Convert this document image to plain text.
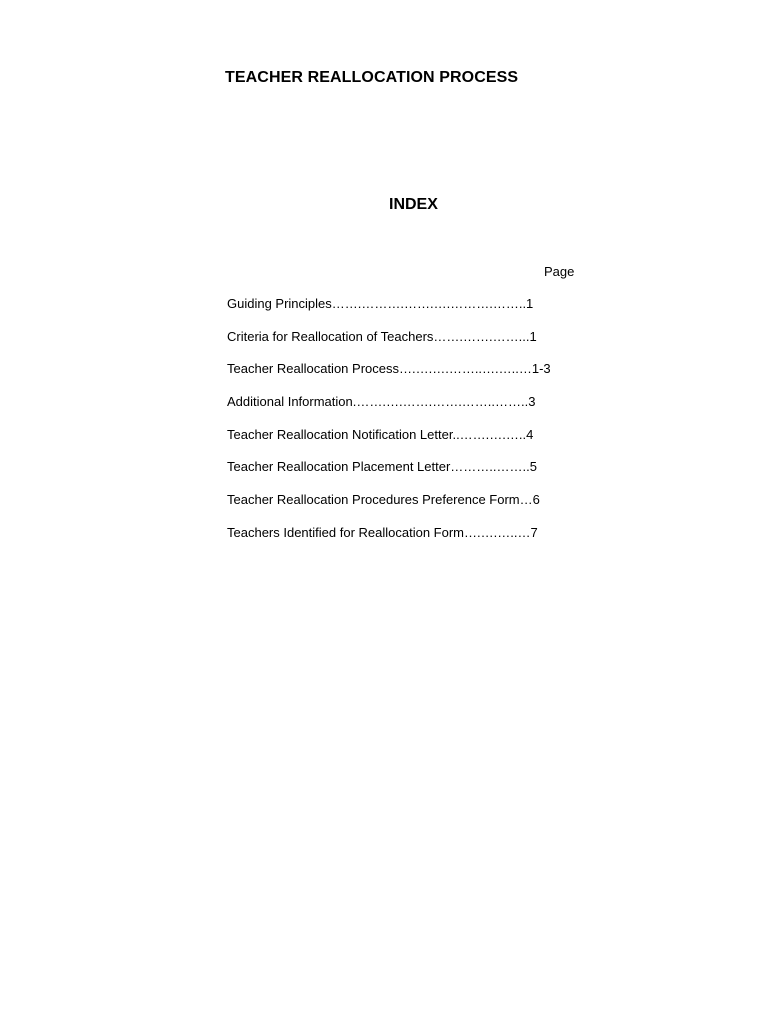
TEACHER REALLOCATION PROCESS
INDEX
Page
Guiding Principles…….……….…….….……….……..1
Criteria for Reallocation of Teachers…….…….……...1
Teacher Reallocation Process….….….……..….…..…1-3
Additional Information.…….….…….…….……..……..3
Teacher Reallocation Notification Letter..…….….…..4
Teacher Reallocation Placement Letter………..……..5
Teacher Reallocation Procedures Preference Form…6
Teachers Identified for Reallocation Form….….…..…7
